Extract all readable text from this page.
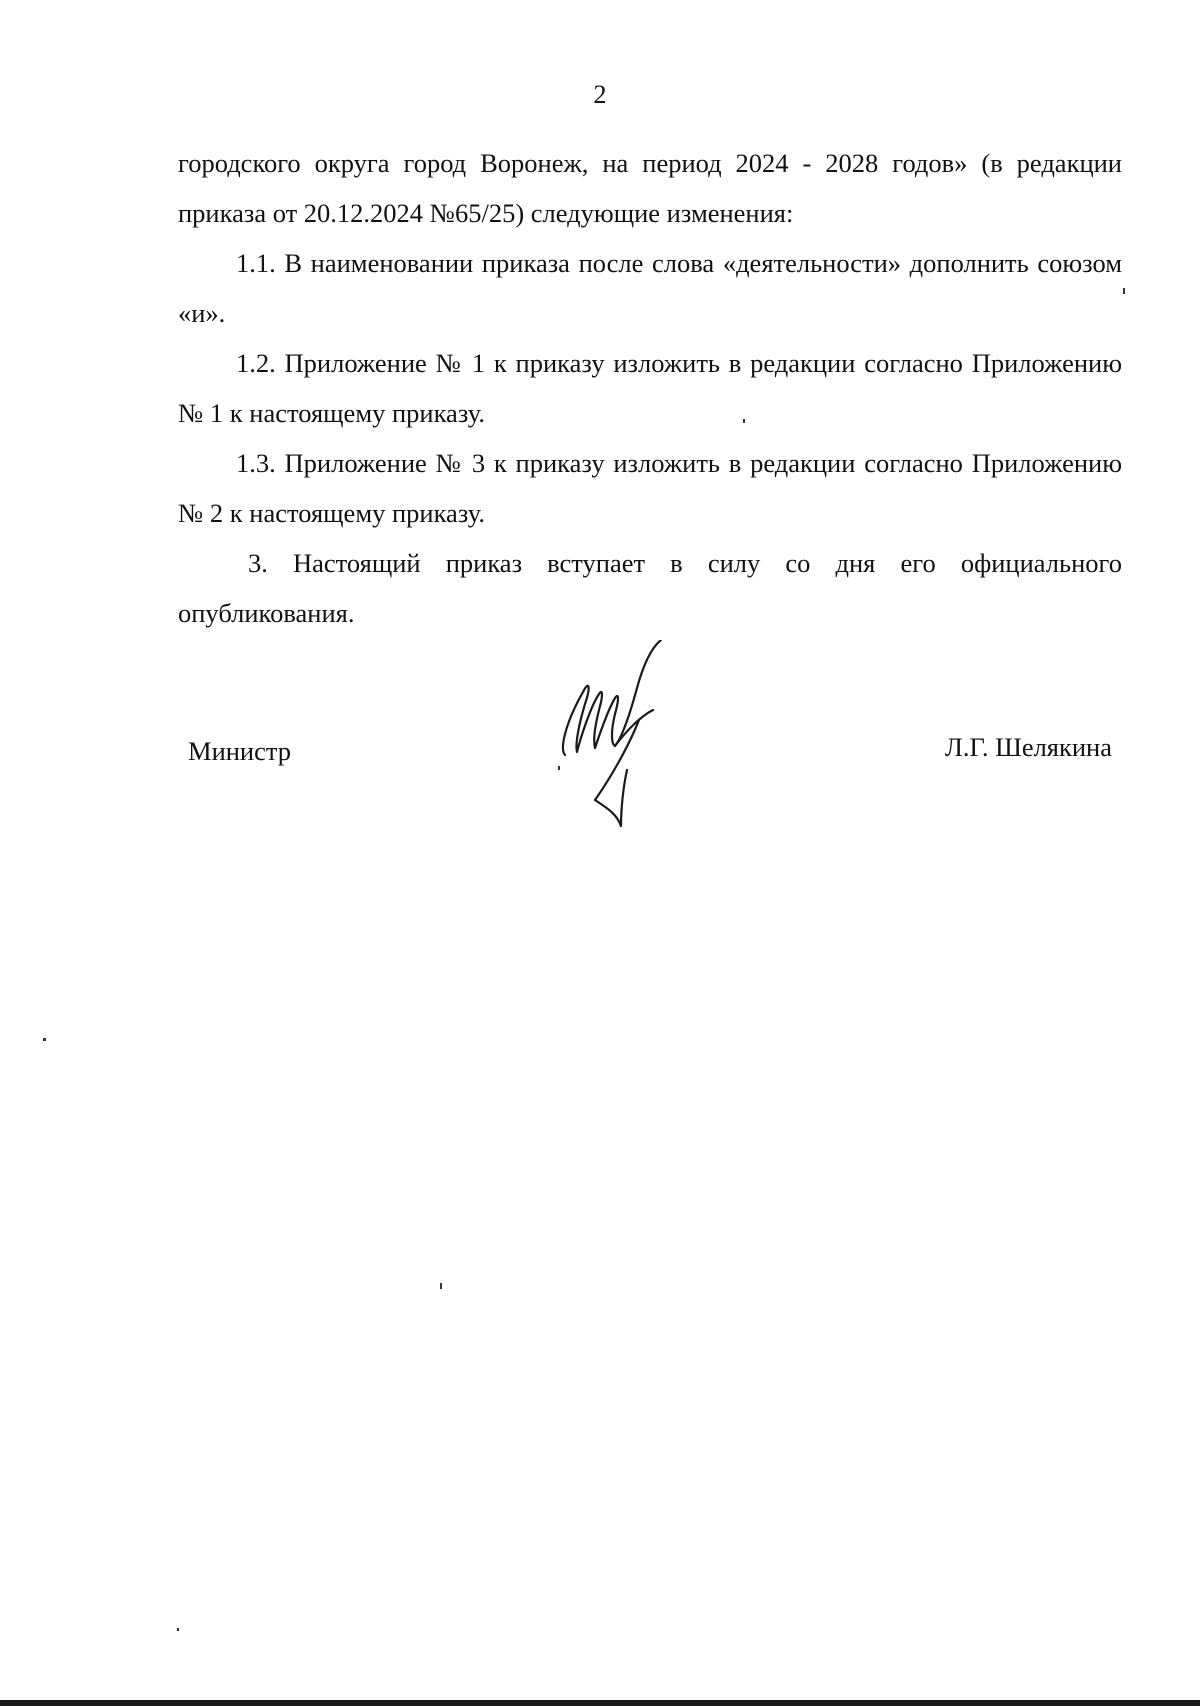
2

городского округа город Воронеж, на период 2024 - 2028 годов» (в редакции приказа от 20.12.2024 №65/25) следующие изменения:

1.1. В наименовании приказа после слова «деятельности» дополнить союзом «и».

1.2. Приложение № 1 к приказу изложить в редакции согласно Приложению № 1 к настоящему приказу.

1.3. Приложение № 3 к приказу изложить в редакции согласно Приложению № 2 к настоящему приказу.

3. Настоящий приказ вступает в силу со дня его официального опубликования.

Министр	Л.Г. Шелякина
